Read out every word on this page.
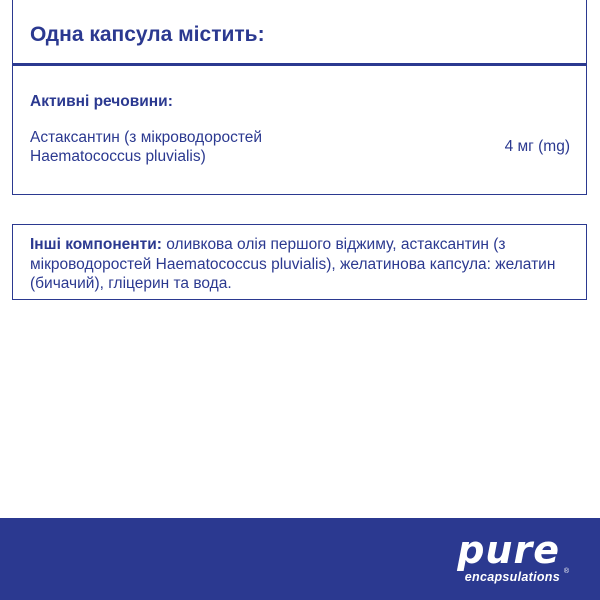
Одна капсула містить:
Активні речовини:
Астаксантин (з мікроводоростей
Haematococcus pluvialis)
4 мг (mg)
Інші компоненти: оливкова олія першого віджиму, астаксантин (з мікроводоростей Haematococcus pluvialis), желатинова капсула: желатин (бичачий), гліцерин та вода.
pure
encapsulations ®
